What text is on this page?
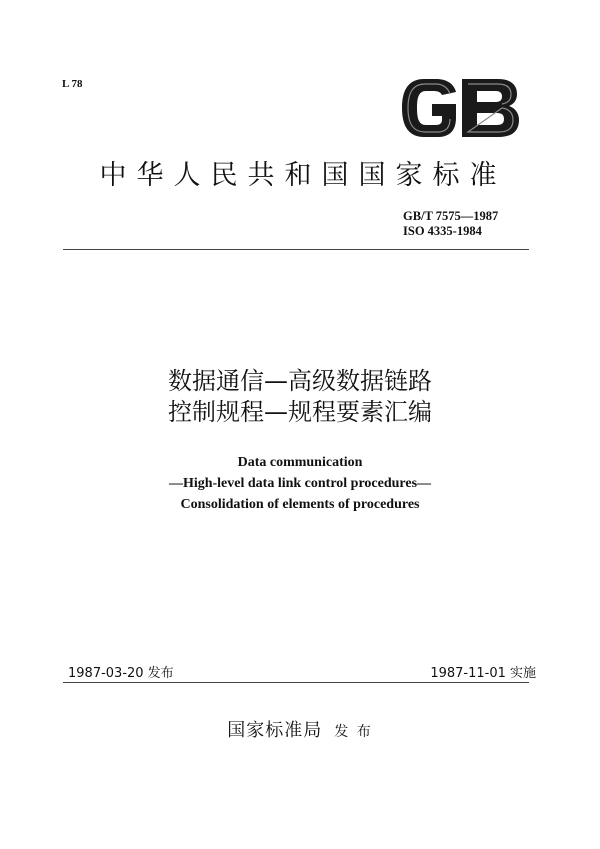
L 78
中华人民共和国国家标准
GB/T 7575—1987
ISO 4335-1984
数据通信—高级数据链路
控制规程—规程要素汇编
Data communication
—High-level data link control procedures—
Consolidation of elements of procedures
1987-03-20 发布	1987-11-01 实施
国家标准局 发 布
